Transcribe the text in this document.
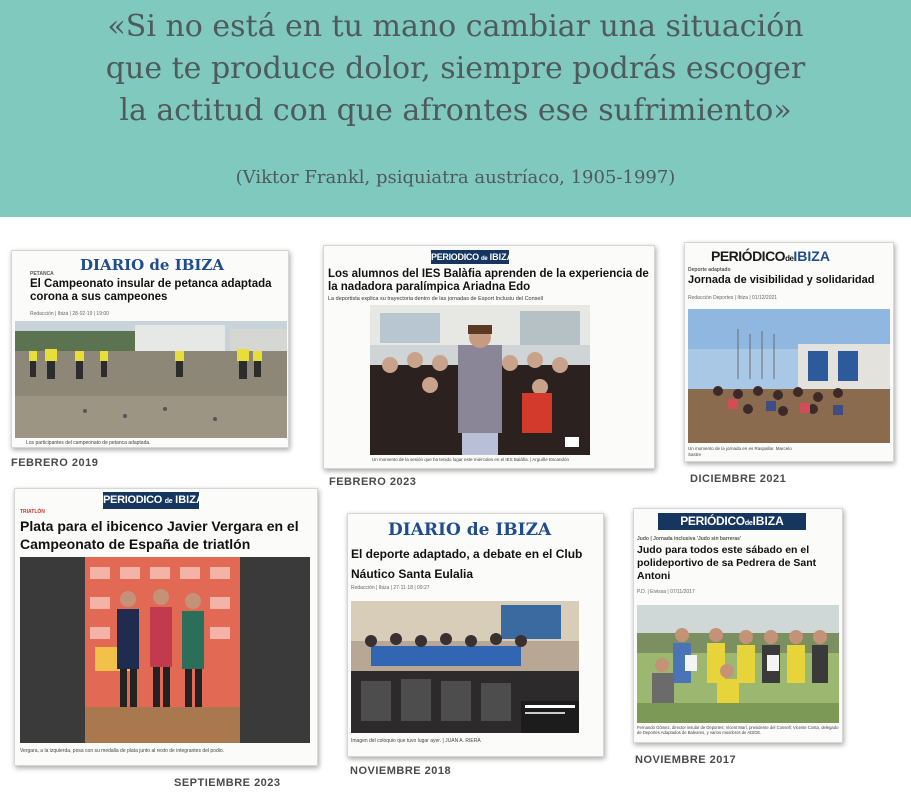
«Si no está en tu mano cambiar una situación
que te produce dolor, siempre podrás escoger
la actitud con que afrontes ese sufrimiento»
(Viktor Frankl, psiquiatra austríaco, 1905-1997)
DIARIO de IBIZA
PETANCA
El Campeonato insular de petanca adaptada corona a sus campeones
Redacción | Ibiza | 28·02·19 | 19:00
Los participantes del campeonato de petanca adaptada.
FEBRERO 2019
PERIODICO de IBIZA
Los alumnos del IES Balàfia aprenden de la experiencia de la nadadora paralímpica Ariadna Edo
La deportista explica su trayectoria dentro de las jornadas de Esport Inclusiu del Consell
Un momento de la sesión que ha tenido lugar este miércoles en el IES Balàfia. | Arguiñe Escandón
FEBRERO 2023
PERIÓDICOdeIBIZA
Deporte adaptado
Jornada de visibilidad y solidaridad
Redacción Deportes | Ibiza | 01/12/2021
Un momento de la jornada en es Raspallar. Marcelo Sastre
DICIEMBRE 2021
PERIODICO de IBIZA
TRIATLÓN
Plata para el ibicenco Javier Vergara en el Campeonato de España de triatlón
Vergara, a la izquierda, posa con su medalla de plata junto al resto de integrantes del podio.
SEPTIEMBRE 2023
DIARIO de IBIZA
El deporte adaptado, a debate en el Club Náutico Santa Eulalia
Redacción | Ibiza | 27·11·18 | 09:27
Imagen del coloquio que tuvo lugar ayer. | JUAN A. RIERA
NOVIEMBRE 2018
PERIÓDICOdeIBIZA
Judo | Jornada inclusiva 'Judo sin barreras'
Judo para todos este sábado en el polideportivo de sa Pedrera de Sant Antoni
P.D. | Eivissa | 07/11/2017
Fernando Gómez, director insular de Deportes; Vicent Marí, presidente del Consell; Vicente Costa, delegado de Deportes Adaptados de Baleares, y varios miembros de ADIDE.
NOVIEMBRE 2017
